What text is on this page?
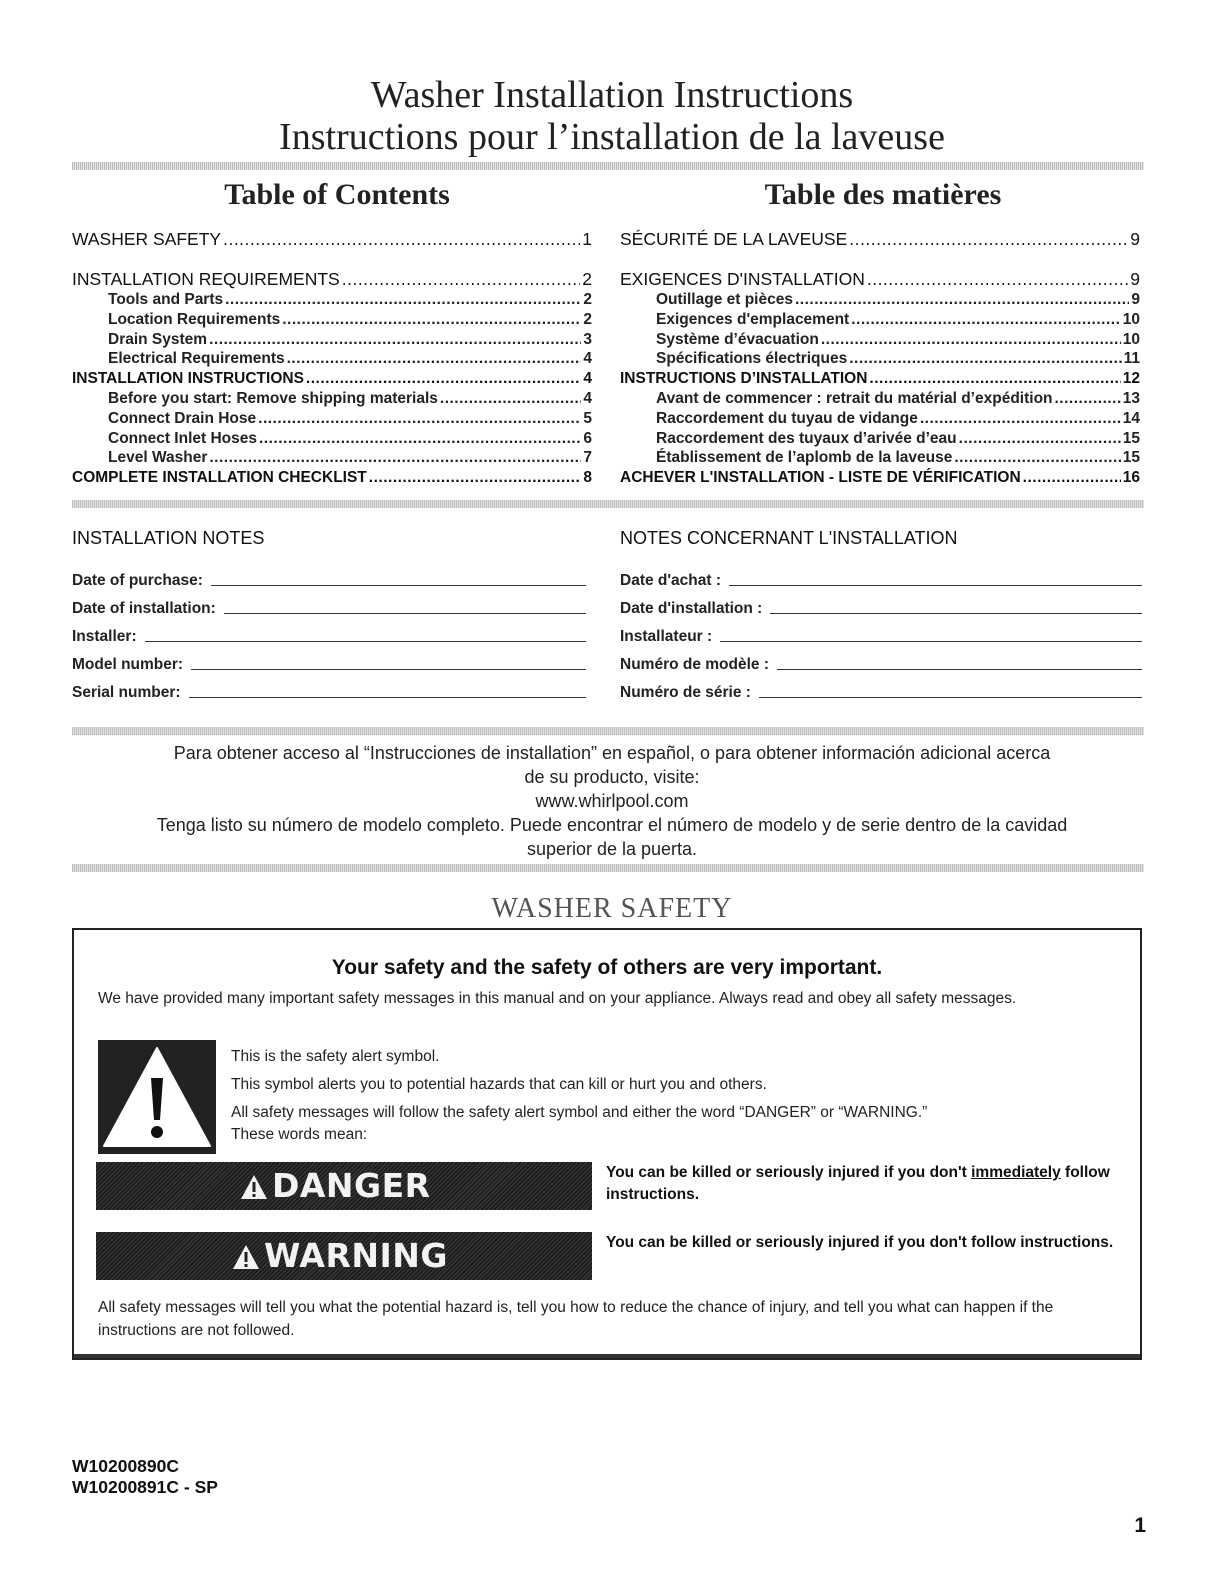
Washer Installation Instructions
Instructions pour l’installation de la laveuse
Table of Contents	Table des matières
WASHER SAFETY .....	1
INSTALLATION REQUIREMENTS .....	2
Tools and Parts .....	2
Location Requirements .....	2
Drain System .....	3
Electrical Requirements .....	4
INSTALLATION INSTRUCTIONS .....	4
Before you start: Remove shipping materials .....	4
Connect Drain Hose .....	5
Connect Inlet Hoses .....	6
Level Washer .....	7
COMPLETE INSTALLATION CHECKLIST .....	8
SÉCURITÉ DE LA LAVEUSE .....	9
EXIGENCES D'INSTALLATION .....	9
Outillage et pièces .....	9
Exigences d'emplacement .....	10
Système d’évacuation .....	10
Spécifications électriques .....	11
INSTRUCTIONS D’INSTALLATION .....	12
Avant de commencer : retrait du matérial d’expédition .....	13
Raccordement du tuyau de vidange .....	14
Raccordement des tuyaux d’arivée d’eau .....	15
Établissement de l’aplomb de la laveuse .....	15
ACHEVER L'INSTALLATION - LISTE DE VÉRIFICATION .....	16
INSTALLATION NOTES
Date of purchase:
Date of installation:
Installer:
Model number:
Serial number:
NOTES CONCERNANT L'INSTALLATION
Date d'achat :
Date d'installation :
Installateur :
Numéro de modèle :
Numéro de série :
Para obtener acceso al “Instrucciones de installation” en español, o para obtener información adicional acerca
de su producto, visite:
www.whirlpool.com
Tenga listo su número de modelo completo. Puede encontrar el número de modelo y de serie dentro de la cavidad
superior de la puerta.
WASHER SAFETY
Your safety and the safety of others are very important.
We have provided many important safety messages in this manual and on your appliance. Always read and obey all safety messages.
This is the safety alert symbol.
This symbol alerts you to potential hazards that can kill or hurt you and others.
All safety messages will follow the safety alert symbol and either the word “DANGER” or “WARNING.”
These words mean:
DANGER	You can be killed or seriously injured if you don't immediately follow instructions.
WARNING	You can be killed or seriously injured if you don't follow instructions.
All safety messages will tell you what the potential hazard is, tell you how to reduce the chance of injury, and tell you what can happen if the instructions are not followed.
W10200890C
W10200891C - SP
1
